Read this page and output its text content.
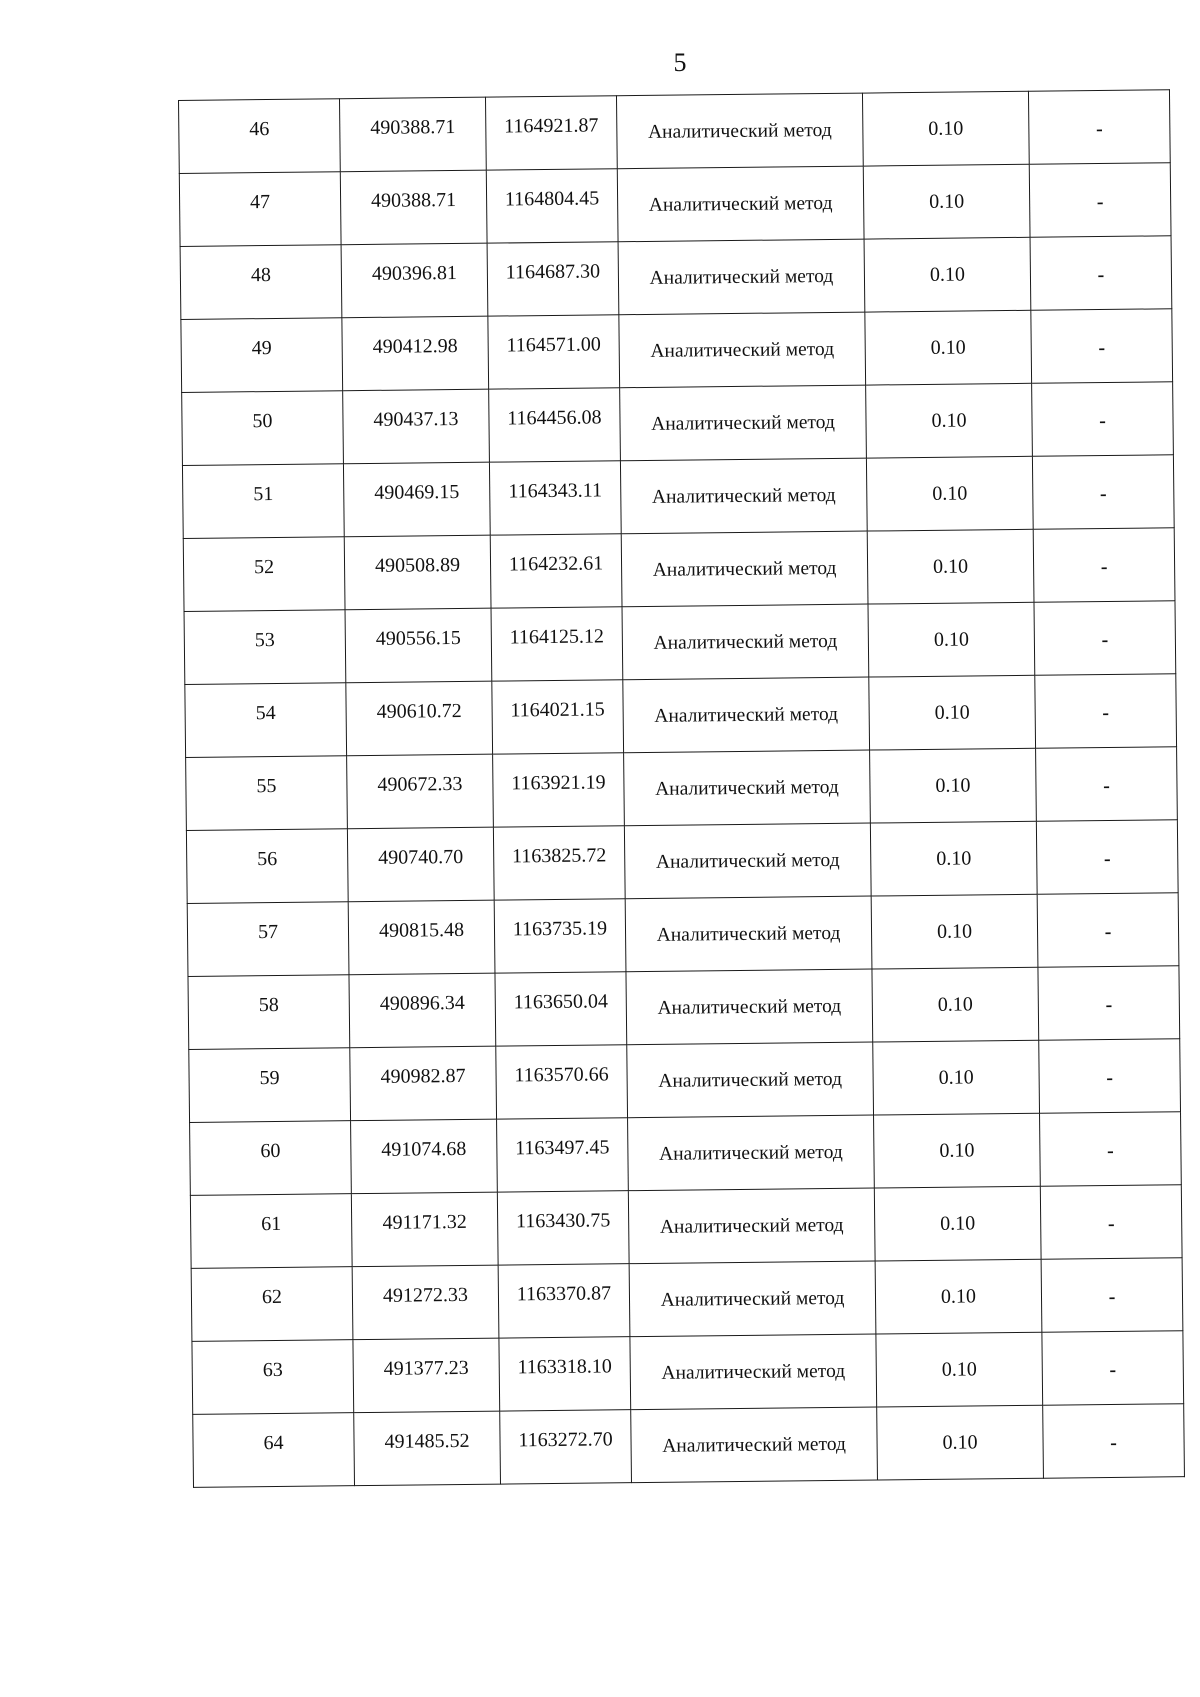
5
46	490388.71	1164921.87	Аналитический метод	0.10	-
47	490388.71	1164804.45	Аналитический метод	0.10	-
48	490396.81	1164687.30	Аналитический метод	0.10	-
49	490412.98	1164571.00	Аналитический метод	0.10	-
50	490437.13	1164456.08	Аналитический метод	0.10	-
51	490469.15	1164343.11	Аналитический метод	0.10	-
52	490508.89	1164232.61	Аналитический метод	0.10	-
53	490556.15	1164125.12	Аналитический метод	0.10	-
54	490610.72	1164021.15	Аналитический метод	0.10	-
55	490672.33	1163921.19	Аналитический метод	0.10	-
56	490740.70	1163825.72	Аналитический метод	0.10	-
57	490815.48	1163735.19	Аналитический метод	0.10	-
58	490896.34	1163650.04	Аналитический метод	0.10	-
59	490982.87	1163570.66	Аналитический метод	0.10	-
60	491074.68	1163497.45	Аналитический метод	0.10	-
61	491171.32	1163430.75	Аналитический метод	0.10	-
62	491272.33	1163370.87	Аналитический метод	0.10	-
63	491377.23	1163318.10	Аналитический метод	0.10	-
64	491485.52	1163272.70	Аналитический метод	0.10	-
